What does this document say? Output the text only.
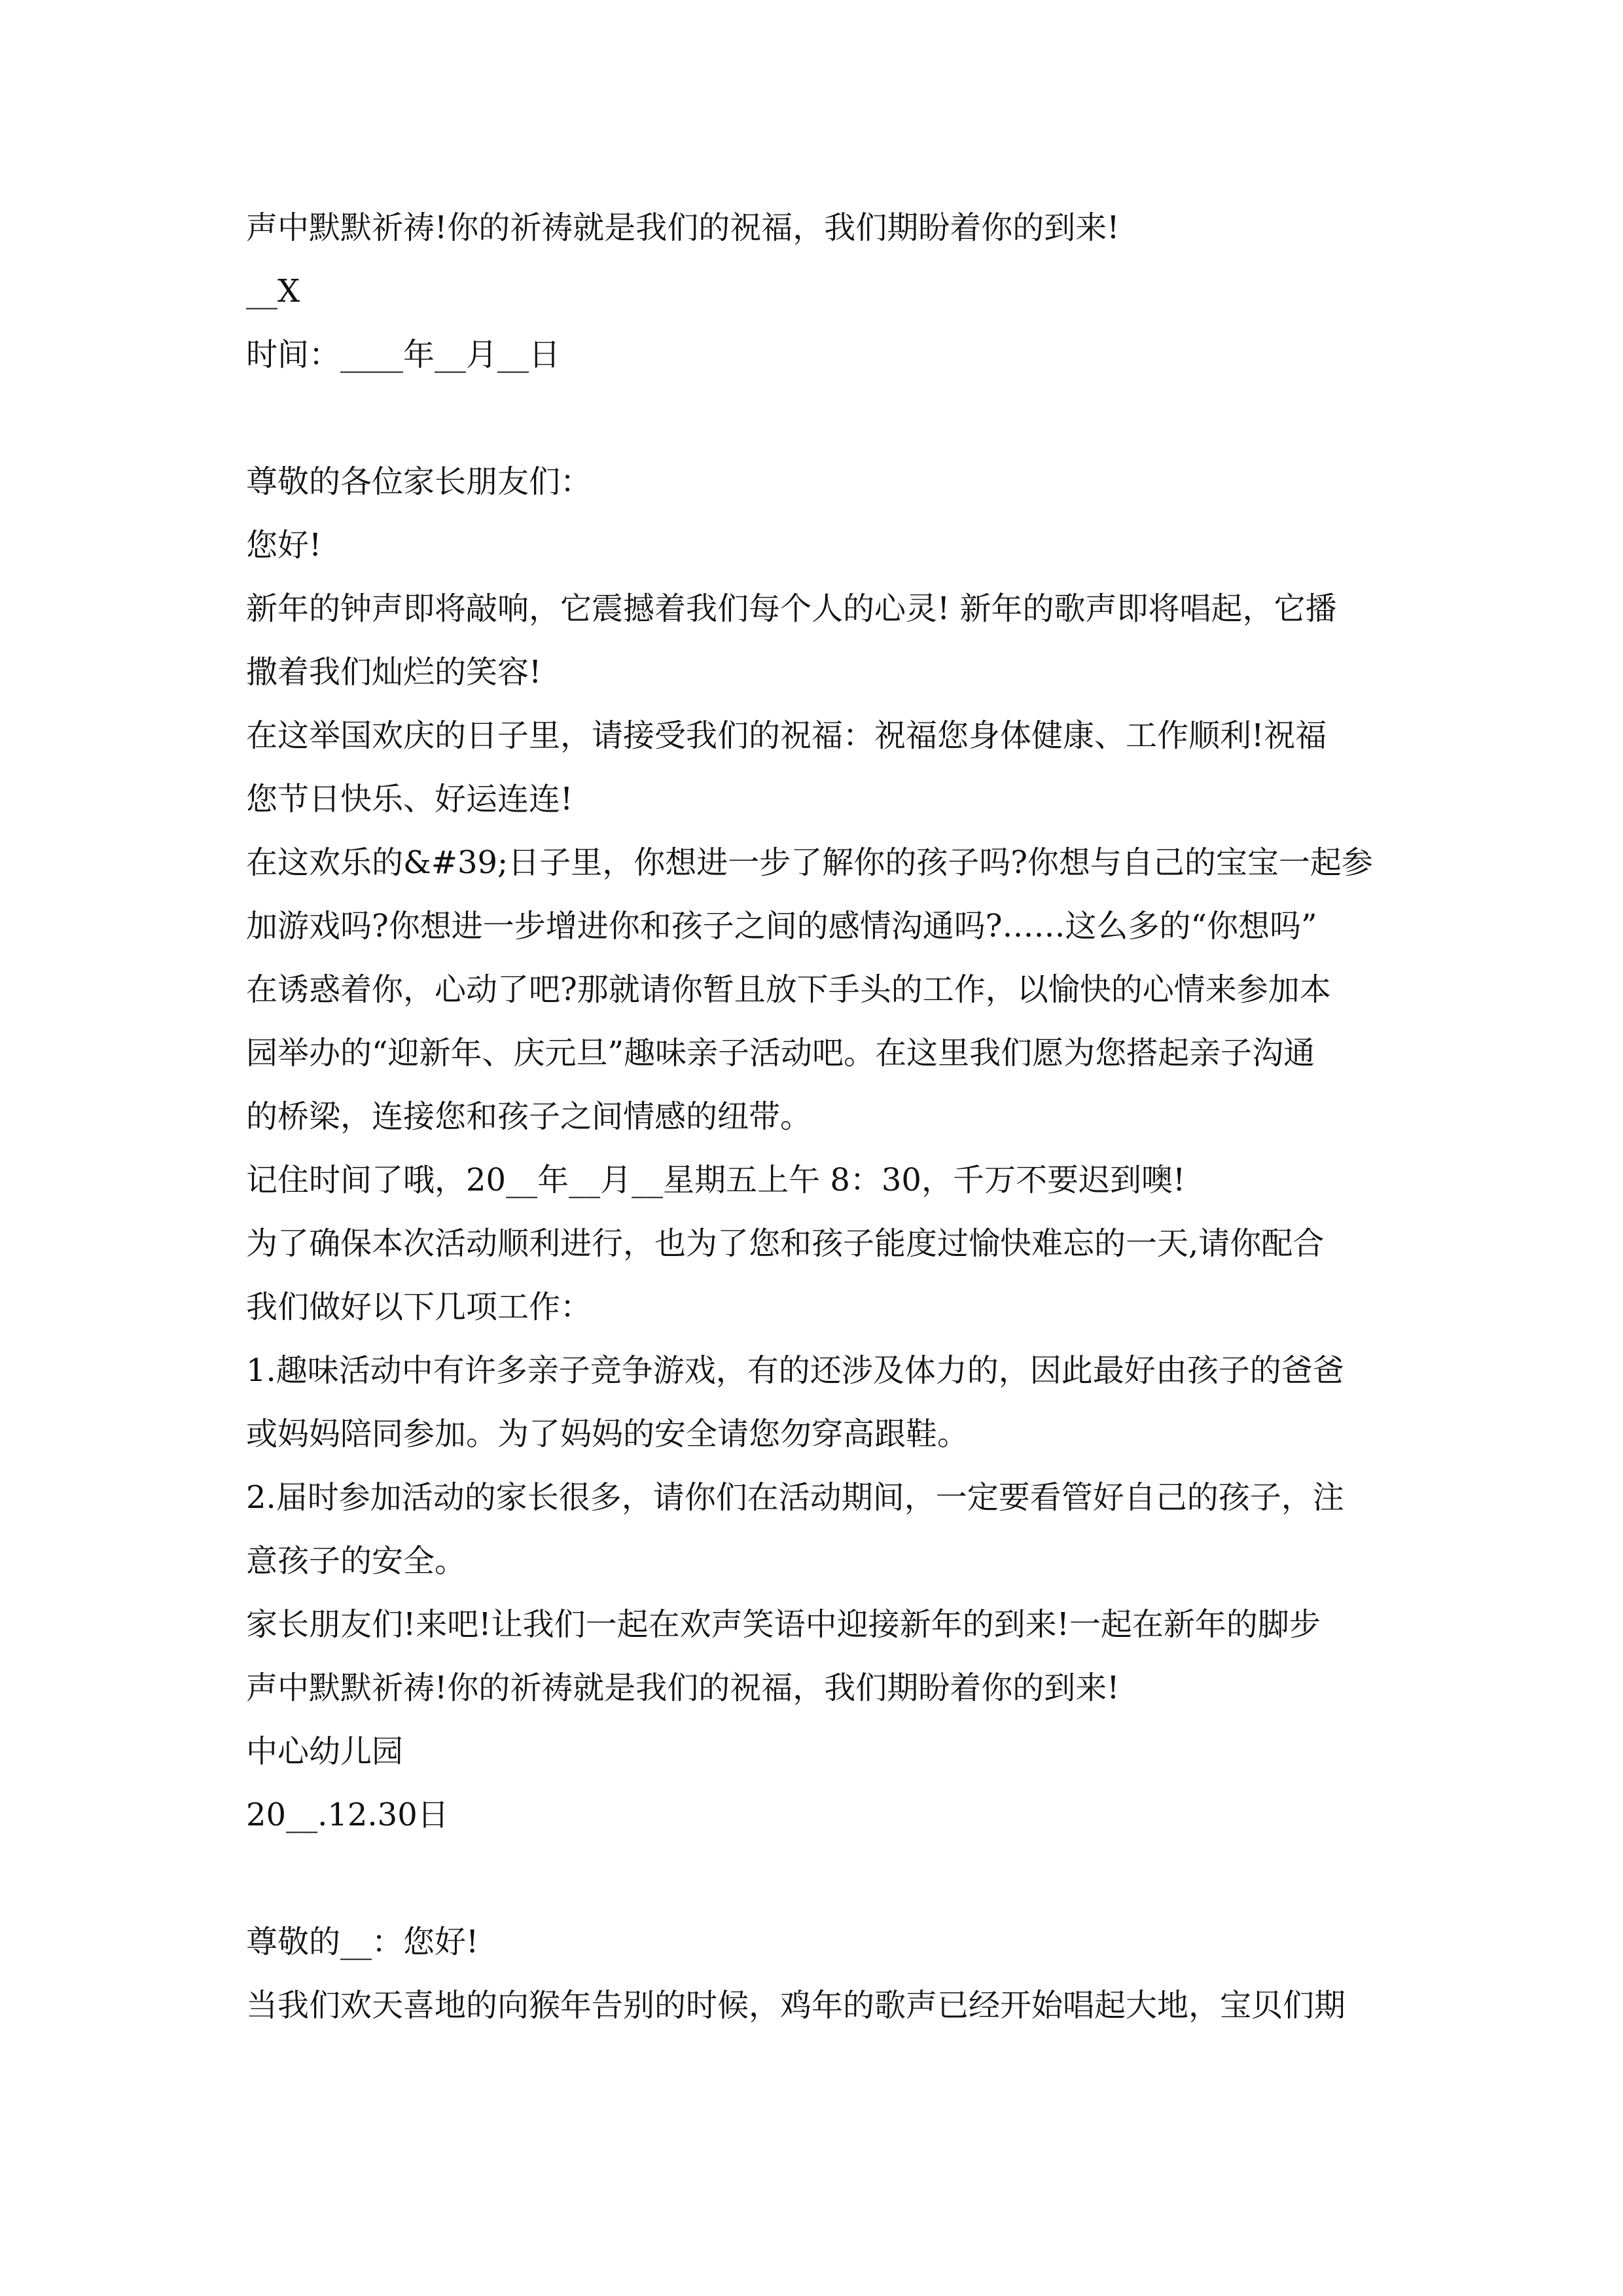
声中默默祈祷!你的祈祷就是我们的祝福，我们期盼着你的到来!
__X
时间：____年__月__日
尊敬的各位家长朋友们：
您好!
新年的钟声即将敲响，它震撼着我们每个人的心灵! 新年的歌声即将唱起，它播
撒着我们灿烂的笑容!
在这举国欢庆的日子里，请接受我们的祝福：祝福您身体健康、工作顺利!祝福
您节日快乐、好运连连!
在这欢乐的&#39;日子里，你想进一步了解你的孩子吗?你想与自己的宝宝一起参
加游戏吗?你想进一步增进你和孩子之间的感情沟通吗?……这么多的“你想吗”
在诱惑着你，心动了吧?那就请你暂且放下手头的工作，以愉快的心情来参加本
园举办的“迎新年、庆元旦”趣味亲子活动吧。在这里我们愿为您搭起亲子沟通
的桥梁，连接您和孩子之间情感的纽带。
记住时间了哦，20__年__月__星期五上午 8：30，千万不要迟到噢!
为了确保本次活动顺利进行，也为了您和孩子能度过愉快难忘的一天,请你配合
我们做好以下几项工作：
1.趣味活动中有许多亲子竞争游戏，有的还涉及体力的，因此最好由孩子的爸爸
或妈妈陪同参加。为了妈妈的安全请您勿穿高跟鞋。
2.届时参加活动的家长很多，请你们在活动期间，一定要看管好自己的孩子，注
意孩子的安全。
家长朋友们!来吧!让我们一起在欢声笑语中迎接新年的到来!一起在新年的脚步
声中默默祈祷!你的祈祷就是我们的祝福，我们期盼着你的到来!
中心幼儿园
20__.12.30日
尊敬的__：您好!
当我们欢天喜地的向猴年告别的时候，鸡年的歌声已经开始唱起大地，宝贝们期
